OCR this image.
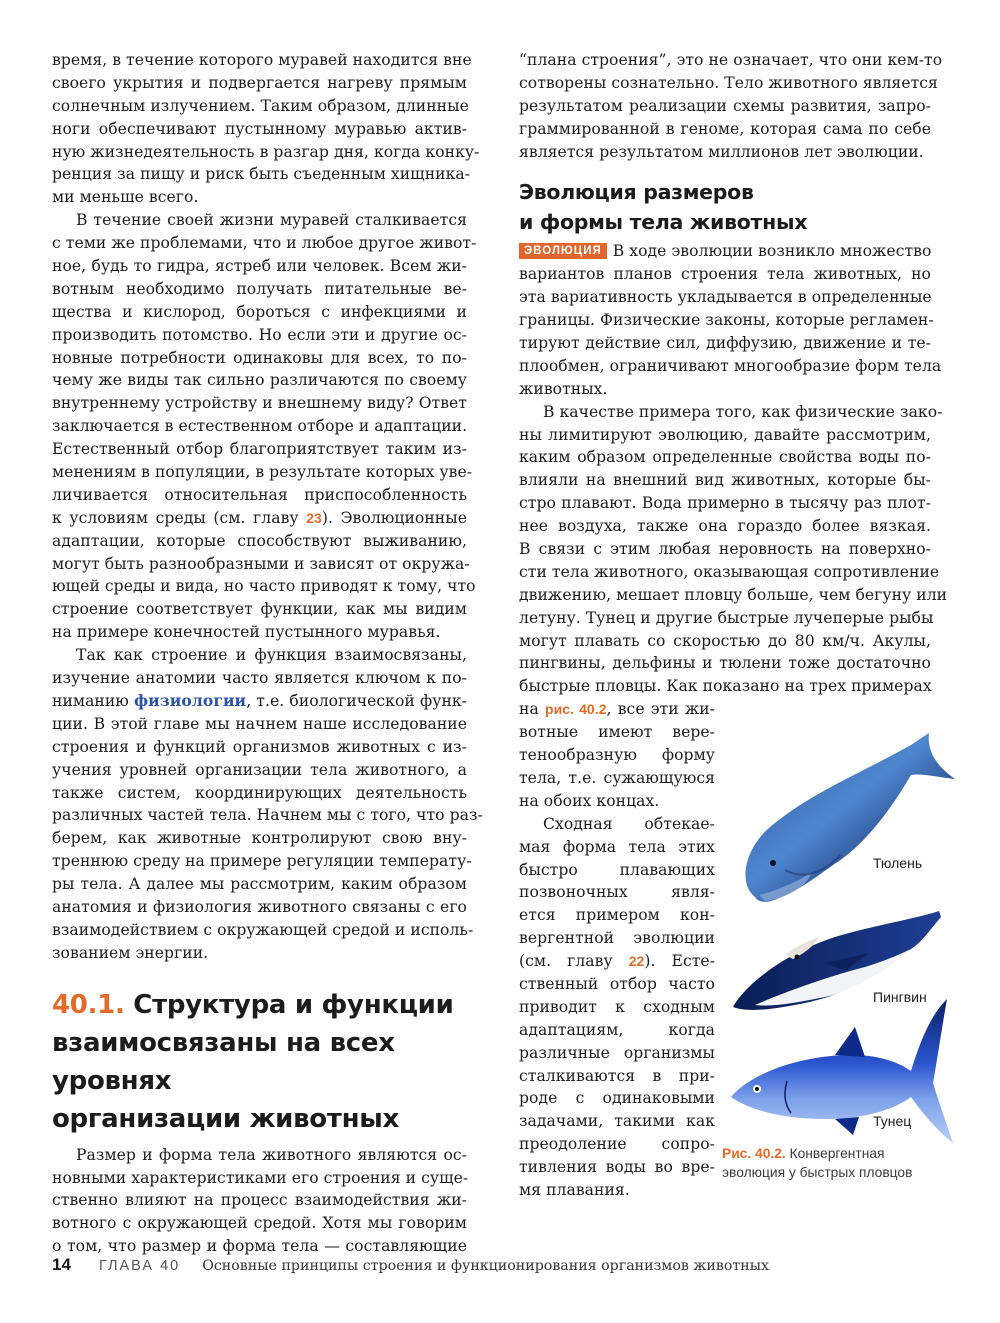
время, в течение которого муравей находится вне
своего укрытия и подвергается нагреву прямым
солнечным излучением. Таким образом, длинные
ноги обеспечивают пустынному муравью актив-
ную жизнедеятельность в разгар дня, когда конку-
ренция за пищу и риск быть съеденным хищника-
ми меньше всего.
В течение своей жизни муравей сталкивается
с теми же проблемами, что и любое другое живот-
ное, будь то гидра, ястреб или человек. Всем жи-
вотным необходимо получать питательные ве-
щества и кислород, бороться с инфекциями и
производить потомство. Но если эти и другие ос-
новные потребности одинаковы для всех, то по-
чему же виды так сильно различаются по своему
внутреннему устройству и внешнему виду? Ответ
заключается в естественном отборе и адаптации.
Естественный отбор благоприятствует таким из-
менениям в популяции, в результате которых уве-
личивается относительная приспособленность
к условиям среды (см. главу 23). Эволюционные
адаптации, которые способствуют выживанию,
могут быть разнообразными и зависят от окружа-
ющей среды и вида, но часто приводят к тому, что
строение соответствует функции, как мы видим
на примере конечностей пустынного муравья.
Так как строение и функция взаимосвязаны,
изучение анатомии часто является ключом к по-
ниманию физиологии, т.е. биологической функ-
ции. В этой главе мы начнем наше исследование
строения и функций организмов животных с из-
учения уровней организации тела животного, а
также систем, координирующих деятельность
различных частей тела. Начнем мы с того, что раз-
берем, как животные контролируют свою вну-
треннюю среду на примере регуляции температу-
ры тела. А далее мы рассмотрим, каким образом
анатомия и физиология животного связаны с его
взаимодействием с окружающей средой и исполь-
зованием энергии.
40.1. Структура и функции
взаимосвязаны на всех уровнях
организации животных
Размер и форма тела животного являются ос-
новными характеристиками его строения и суще-
ственно влияют на процесс взаимодействия жи-
вотного с окружающей средой. Хотя мы говорим
о том, что размер и форма тела — составляющие
“плана строения”, это не означает, что они кем-то
сотворены сознательно. Тело животного является
результатом реализации схемы развития, запро-
граммированной в геноме, которая сама по себе
является результатом миллионов лет эволюции.
Эволюция размеров
и формы тела животных
ЭВОЛЮЦИЯ В ходе эволюции возникло множество
вариантов планов строения тела животных, но
эта вариативность укладывается в определенные
границы. Физические законы, которые регламен-
тируют действие сил, диффузию, движение и те-
плообмен, ограничивают многообразие форм тела
животных.
В качестве примера того, как физические зако-
ны лимитируют эволюцию, давайте рассмотрим,
каким образом определенные свойства воды по-
влияли на внешний вид животных, которые бы-
стро плавают. Вода примерно в тысячу раз плот-
нее воздуха, также она гораздо более вязкая.
В связи с этим любая неровность на поверхно-
сти тела животного, оказывающая сопротивление
движению, мешает пловцу больше, чем бегуну или
летуну. Тунец и другие быстрые лучеперые рыбы
могут плавать со скоростью до 80 км/ч. Акулы,
пингвины, дельфины и тюлени тоже достаточно
быстрые пловцы. Как показано на трех примерах
на рис. 40.2, все эти жи-
вотные имеют вере-
тенообразную форму
тела, т.е. сужающуюся
на обоих концах.
Сходная обтекае-
мая форма тела этих
быстро плавающих
позвоночных явля-
ется примером кон-
вергентной эволюции
(см. главу 22). Есте-
ственный отбор часто
приводит к сходным
адаптациям, когда
различные организмы
сталкиваются в при-
роде с одинаковыми
задачами, такими как
преодоление сопро-
тивления воды во вре-
мя плавания.
Тюлень
Пингвин
Тунец
Рис. 40.2. Конвергентная эволюция у быстрых пловцов
14 ГЛАВА 40 Основные принципы строения и функционирования организмов животных
